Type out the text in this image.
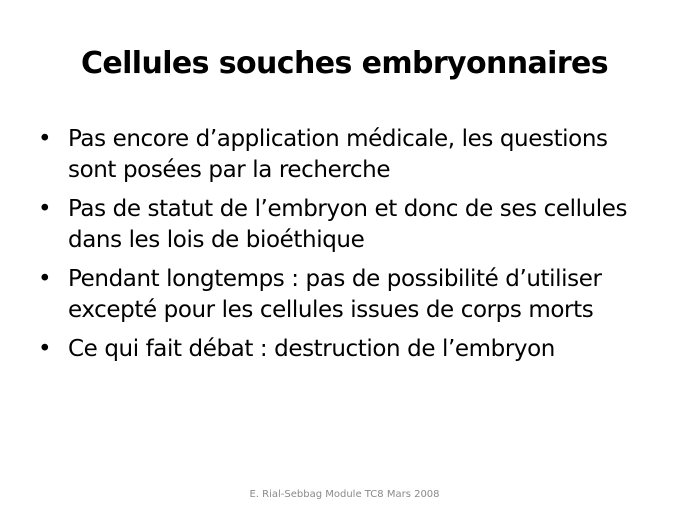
Cellules souches embryonnaires
• Pas encore d’application médicale, les questions sont posées par la recherche
• Pas de statut de l’embryon et donc de ses cellules dans les lois de bioéthique
• Pendant longtemps : pas de possibilité d’utiliser excepté pour les cellules issues de corps morts
• Ce qui fait débat : destruction de l’embryon
E. Rial-Sebbag Module TC8 Mars 2008
